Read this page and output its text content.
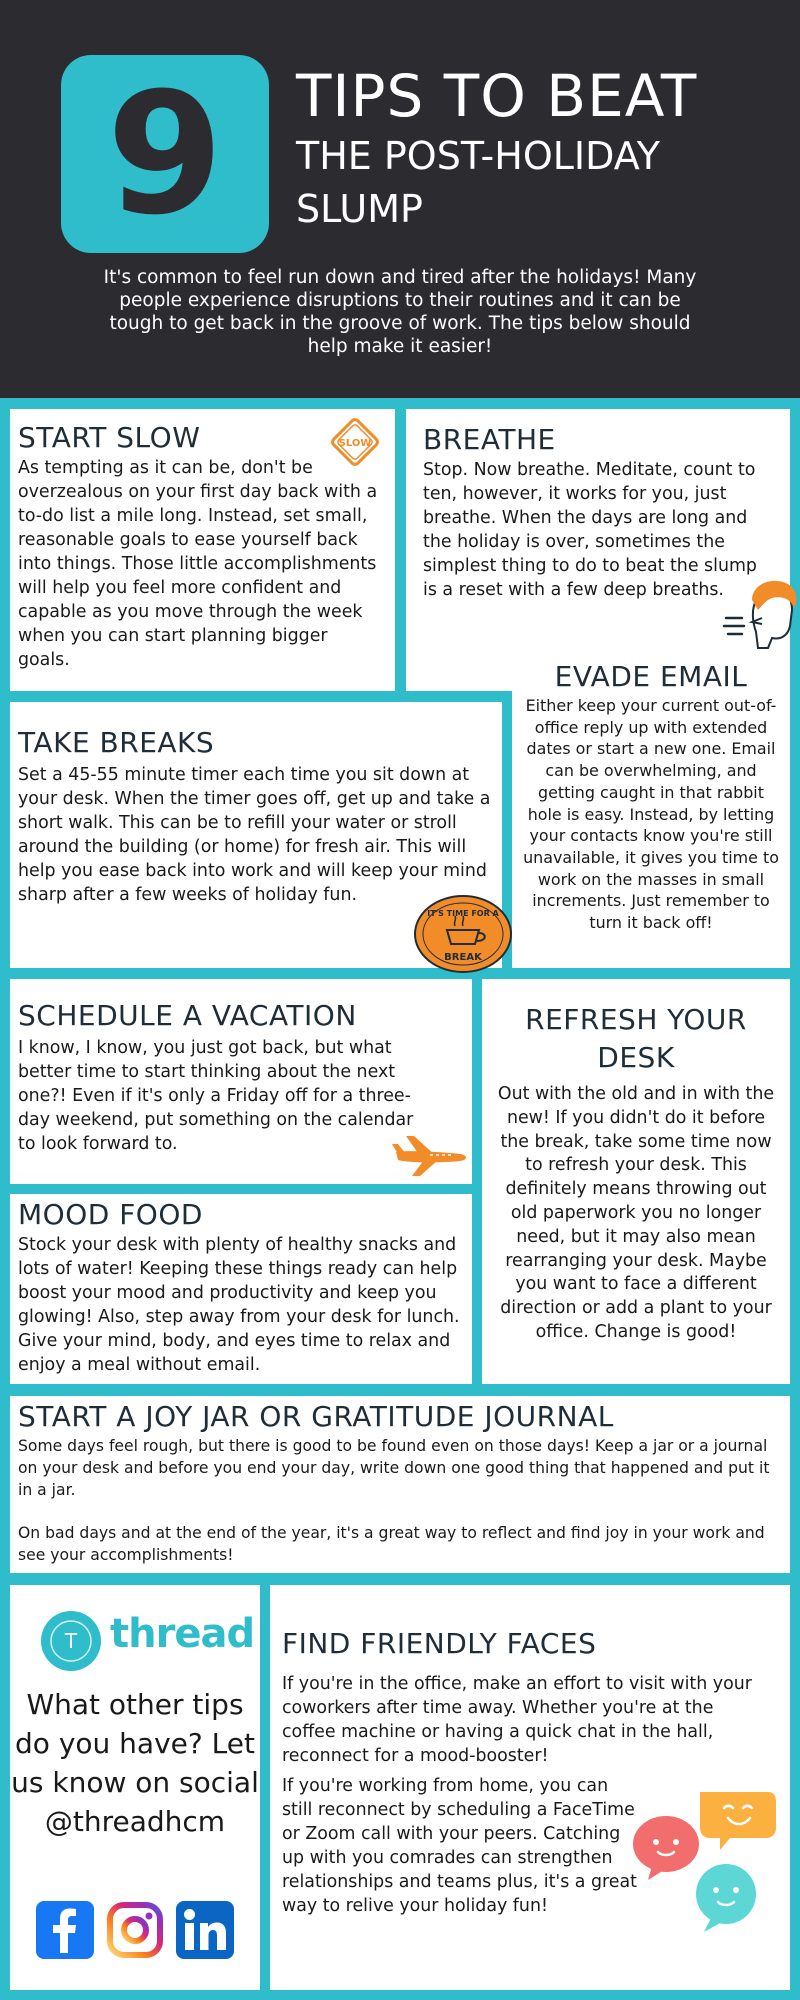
9 TIPS TO BEAT
THE POST-HOLIDAY SLUMP

It's common to feel run down and tired after the holidays! Many people experience disruptions to their routines and it can be tough to get back in the groove of work. The tips below should help make it easier!

START SLOW

As tempting as it can be, don't be overzealous on your first day back with a to-do list a mile long. Instead, set small, reasonable goals to ease yourself back into things. Those little accomplishments will help you feel more confident and capable as you move through the week when you can start planning bigger goals.

SLOW BREATHE

Stop. Now breathe. Meditate, count to ten, however, it works for you, just breathe. When the days are long and the holiday is over, sometimes the simplest thing to do to beat the slump is a reset with a few deep breaths.

EVADE EMAIL

Either keep your current out-of-office reply up with extended dates or start a new one. Email can be overwhelming, and getting caught in that rabbit hole is easy. Instead, by letting your contacts know you're still unavailable, it gives you time to work on the masses in small increments. Just remember to turn it back off!

TAKE BREAKS

Set a 45-55 minute timer each time you sit down at your desk. When the timer goes off, get up and take a short walk. This can be to refill your water or stroll around the building (or home) for fresh air. This will help you ease back into work and will keep your mind sharp after a few weeks of holiday fun.

IT'S TIME FOR A
BREAK
SCHEDULE A VACATION

I know, I know, you just got back, but what better time to start thinking about the next one?! Even if it's only a Friday off for a three-day weekend, put something on the calendar to look forward to.

REFRESH YOUR DESK

Out with the old and in with the new! If you didn't do it before the break, take some time now to refresh your desk. This definitely means throwing out old paperwork you no longer need, but it may also mean rearranging your desk. Maybe you want to face a different direction or add a plant to your office. Change is good!

MOOD FOOD

Stock your desk with plenty of healthy snacks and lots of water! Keeping these things ready can help boost your mood and productivity and keep you glowing! Also, step away from your desk for lunch. Give your mind, body, and eyes time to relax and enjoy a meal without email.

START A JOY JAR OR GRATITUDE JOURNAL

Some days feel rough, but there is good to be found even on those days! Keep a jar or a journal on your desk and before you end your day, write down one good thing that happened and put it in a jar.

On bad days and at the end of the year, it's a great way to reflect and find joy in your work and see your accomplishments!

T thread

What other tips do you have? Let us know on social @threadhcm

FIND FRIENDLY FACES

If you're in the office, make an effort to visit with your coworkers after time away. Whether you're at the coffee machine or having a quick chat in the hall, reconnect for a mood-booster!

If you're working from home, you can still reconnect by scheduling a FaceTime or Zoom call with your peers. Catching up with you comrades can strengthen relationships and teams plus, it's a great way to relive your holiday fun!
